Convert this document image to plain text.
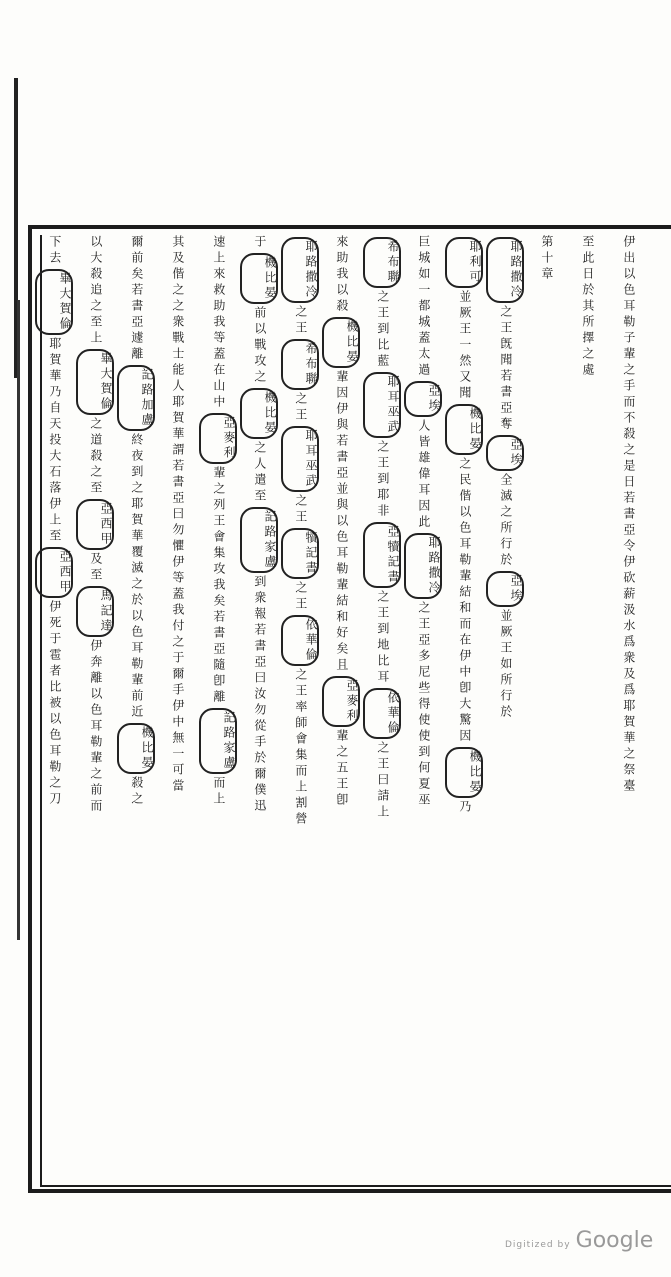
伊出以色耳勒子輩之手而不殺之是日若書亞令伊砍薪汲水爲衆及爲耶賀華之祭臺
至此日於其所擇之處
第十章
耶路撒冷
之王旣聞若書亞奪
亞埃
全滅之所行於
亞埃
並厥王如所行於
耶利可
並厥王一然又聞
機比晏
之民偕以色耳勒輩結和而在伊中卽大驚因
機比晏
乃
巨城如一都城蓋太過
亞埃
人皆雄偉耳因此
耶路撒冷
之王亞多尼些得使使到何夏巫
希布聯
之王到比藍
耶耳巫武
之王到耶非
亞犢記書
之王到地比耳
依華倫
之王曰請上
來助我以殺
機比晏
輩因伊與若書亞並與以色耳勒輩結和好矣且
亞麥利
輩之五王卽
耶路撒冷
之王
希布聯
之王
耶耳巫武
之王
犢記書
之王
依華倫
之王率師會集而上割營
于
機比晏
前以戰攻之
機比晏
之人遣至
記路家盧
到衆報若書亞曰汝勿從手於爾僕迅
速上來救助我等蓋在山中
亞麥利
輩之列王會集攻我矣若書亞隨卽離
記路家盧
而上
其及偕之之衆戰士能人耶賀華謂若書亞曰勿懼伊等蓋我付之于爾手伊中無一可當
爾前矣若書亞遽離
記路加盧
終夜到之耶賀華覆滅之於以色耳勒輩前近
機比晏
殺之
以大殺追之至上
畢大賀倫
之道殺之至
亞西甲
及至
馬記達
伊奔離以色耳勒輩之前而
下去
畢大賀倫
耶賀華乃自天投大石落伊上至
亞西甲
伊死于雹者比被以色耳勒之刀
Digitized by Google
